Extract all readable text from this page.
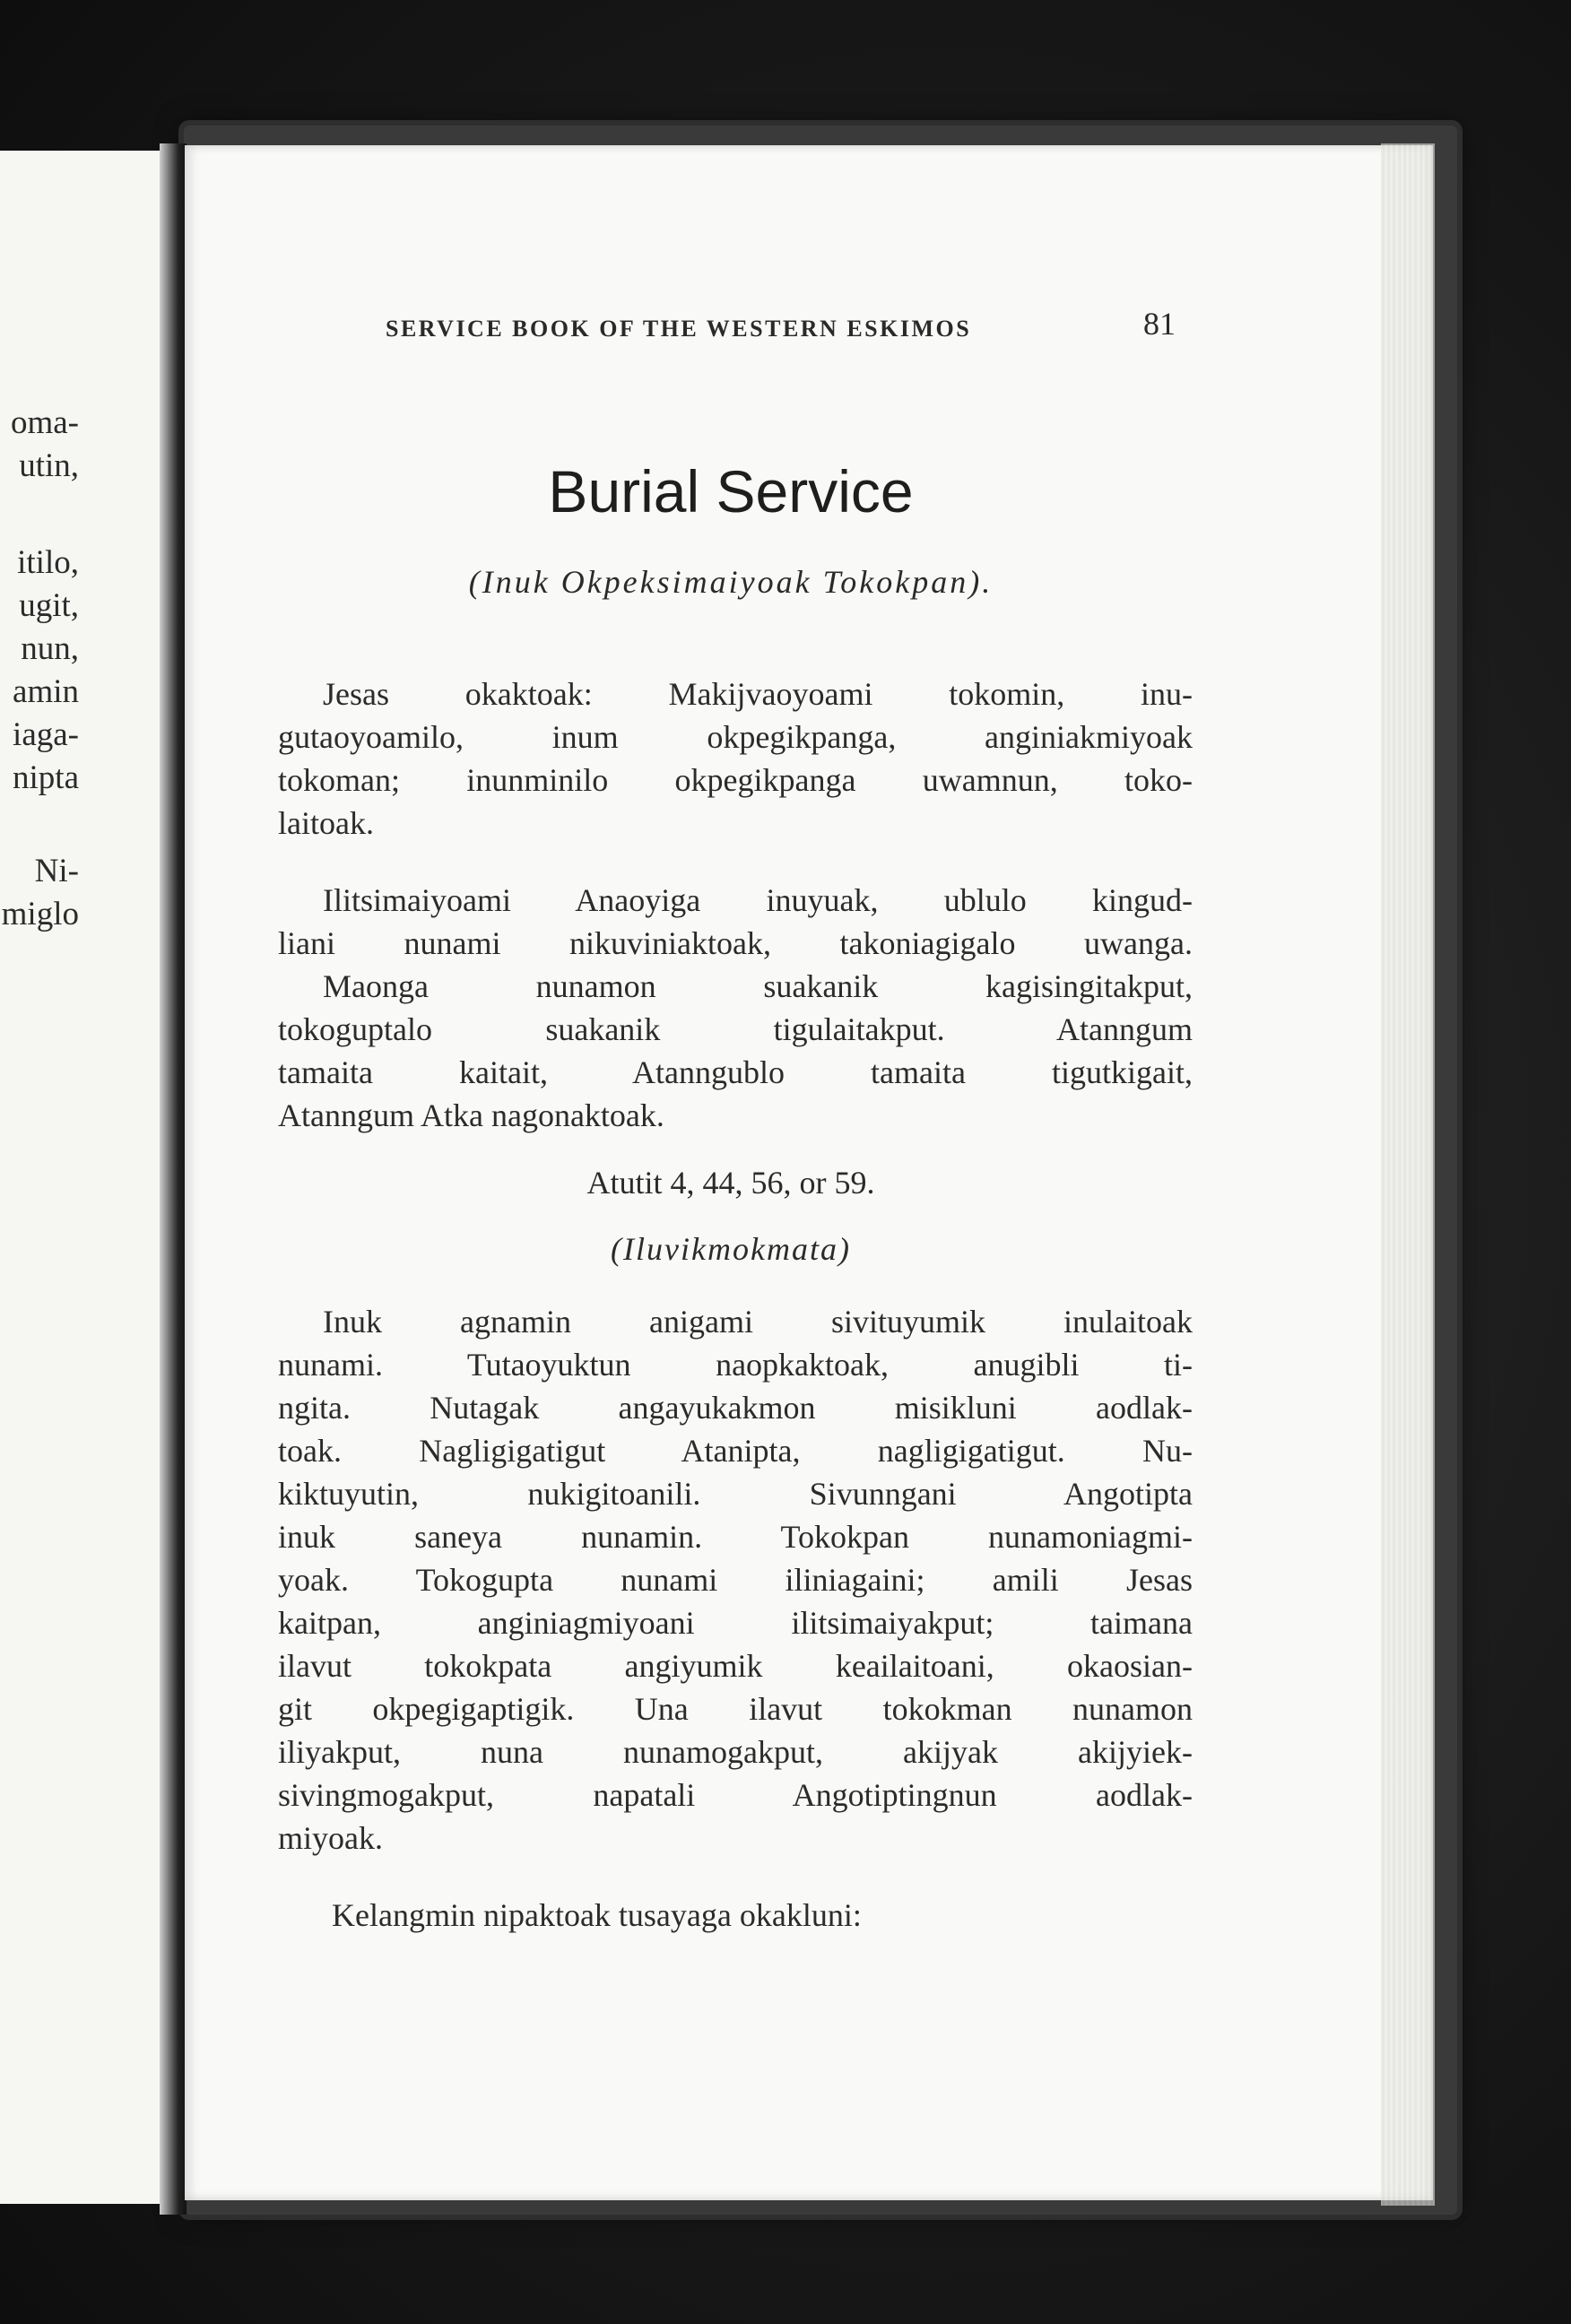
oma-
utin,
itilo,
ugit,
nun,
amin
iaga-
nipta
Ni-
miglo
SERVICE BOOK OF THE WESTERN ESKIMOS	81
Burial Service
(Inuk Okpeksimaiyoak Tokokpan).
Jesas okaktoak: Makijvaoyoami tokomin, inu-
gutaoyoamilo, inum okpegikpanga, anginiakmiyoak
tokoman; inunminilo okpegikpanga uwamnun, toko-
laitoak.
Ilitsimaiyoami Anaoyiga inuyuak, ublulo kingud-
liani nunami nikuviniaktoak, takoniagigalo uwanga.
Maonga nunamon suakanik kagisingitakput,
tokoguptalo suakanik tigulaitakput. Atanngum
tamaita kaitait, Atanngublo tamaita tigutkigait,
Atanngum Atka nagonaktoak.
Atutit 4, 44, 56, or 59.
(Iluvikmokmata)
Inuk agnamin anigami sivituyumik inulaitoak
nunami. Tutaoyuktun naopkaktoak, anugibli ti-
ngita. Nutagak angayukakmon misikluni aodlak-
toak. Nagligigatigut Atanipta, nagligigatigut. Nu-
kiktuyutin, nukigitoanili. Sivunngani Angotipta
inuk saneya nunamin. Tokokpan nunamoniagmi-
yoak. Tokogupta nunami iliniagaini; amili Jesas
kaitpan, anginiagmiyoani ilitsimaiyakput; taimana
ilavut tokokpata angiyumik keailaitoani, okaosian-
git okpegigaptigik. Una ilavut tokokman nunamon
iliyakput, nuna nunamogakput, akijyak akijyiek-
sivingmogakput, napatali Angotiptingnun aodlak-
miyoak.
Kelangmin nipaktoak tusayaga okakluni:
